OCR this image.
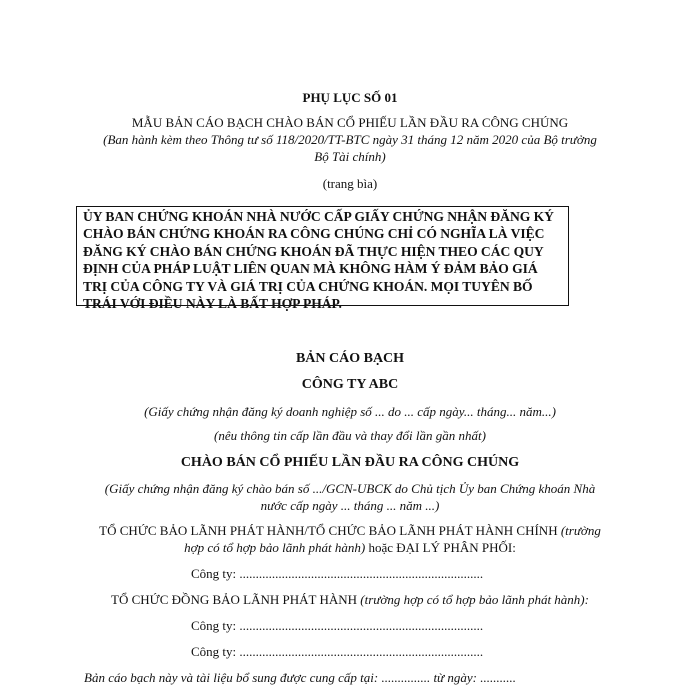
PHỤ LỤC SỐ 01
MẪU BẢN CÁO BẠCH CHÀO BÁN CỔ PHIẾU LẦN ĐẦU RA CÔNG CHÚNG
(Ban hành kèm theo Thông tư số 118/2020/TT-BTC ngày 31 tháng 12 năm 2020 của Bộ trưởng
Bộ Tài chính)
(trang bìa)
ỦY BAN CHỨNG KHOÁN NHÀ NƯỚC CẤP GIẤY CHỨNG NHẬN ĐĂNG KÝ CHÀO BÁN CHỨNG KHOÁN RA CÔNG CHÚNG CHỈ CÓ NGHĨA LÀ VIỆC ĐĂNG KÝ CHÀO BÁN CHỨNG KHOÁN ĐÃ THỰC HIỆN THEO CÁC QUY ĐỊNH CỦA PHÁP LUẬT LIÊN QUAN MÀ KHÔNG HÀM Ý ĐẢM BẢO GIÁ TRỊ CỦA CÔNG TY VÀ GIÁ TRỊ CỦA CHỨNG KHOÁN. MỌI TUYÊN BỐ TRÁI VỚI ĐIỀU NÀY LÀ BẤT HỢP PHÁP.
BẢN CÁO BẠCH
CÔNG TY ABC
(Giấy chứng nhận đăng ký doanh nghiệp số ... do ... cấp ngày... tháng... năm...)
(nêu thông tin cấp lần đầu và thay đổi lần gần nhất)
CHÀO BÁN CỔ PHIẾU LẦN ĐẦU RA CÔNG CHÚNG
(Giấy chứng nhận đăng ký chào bán số .../GCN-UBCK do Chủ tịch Ủy ban Chứng khoán Nhà
nước cấp ngày ... tháng ... năm ...)
TỔ CHỨC BẢO LÃNH PHÁT HÀNH/TỔ CHỨC BẢO LÃNH PHÁT HÀNH CHÍNH (trường
hợp có tổ hợp bảo lãnh phát hành) hoặc ĐẠI LÝ PHÂN PHỐI:
Công ty: ...........................................................................
TỔ CHỨC ĐỒNG BẢO LÃNH PHÁT HÀNH (trường hợp có tổ hợp bảo lãnh phát hành):
Công ty: ...........................................................................
Công ty: ...........................................................................
Bản cáo bạch này và tài liệu bổ sung được cung cấp tại: ............... từ ngày: ...........
